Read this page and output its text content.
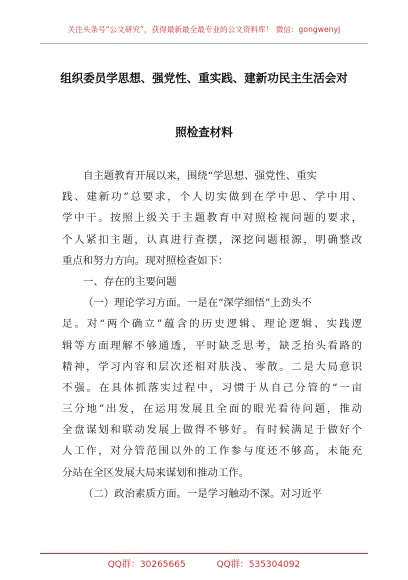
关注头条号“公文研究”，获得最新最全最专业的公文资料库！ 微信：gongwenyj
组织委员学思想、强党性、重实践、建新功民主生活会对
照检查材料
自主题教育开展以来，围绕“学思想、强党性、重实
践、建新功”总要求，个人切实做到在学中思、学中用、
学中干。按照上级关于主题教育中对照检视问题的要求，
个人紧扣主题，认真进行查摆，深挖问题根源，明确整改
重点和努力方向。现对照检查如下：
一、存在的主要问题
（一）理论学习方面。一是在“深学细悟”上劲头不
足。对“两个确立”蕴含的历史逻辑、理论逻辑、实践逻
辑等方面理解不够通透，平时缺乏思考，缺乏抬头看路的
精神，学习内容和层次还相对肤浅、零散。二是大局意识
不强。在具体抓落实过程中，习惯于从自己分管的“一亩
三分地”出发，在运用发展且全面的眼光看待问题，推动
全盘谋划和联动发展上做得不够好。有时候满足于做好个
人工作，对分管范围以外的工作参与度还不够高，未能充
分站在全区发展大局来谋划和推动工作。
（二）政治素质方面。一是学习触动不深。对习近平
QQ群：30265665	QQ群：535304092
